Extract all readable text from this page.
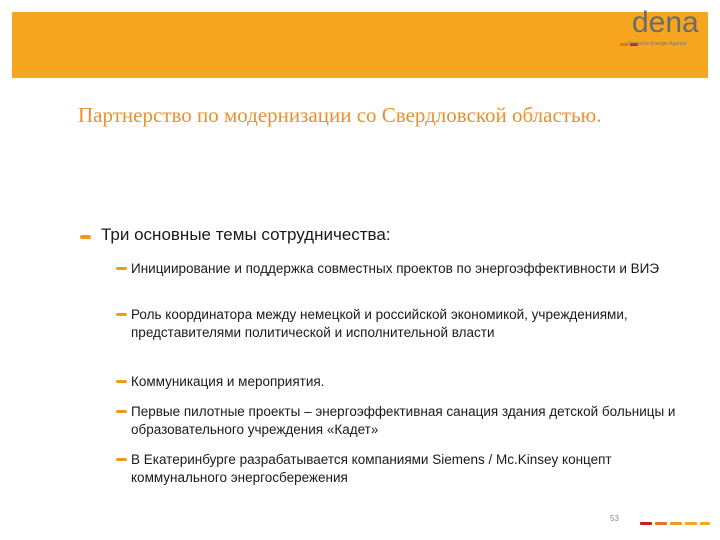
dena
Deutsche Energie-Agentur
Партнерство по модернизации со Свердловской областью.
Три основные темы сотрудничества:
Инициирование и поддержка совместных проектов по энергоэффективности и ВИЭ
Роль координатора между немецкой и российской экономикой, учреждениями, представителями политической и исполнительной власти
Коммуникация и мероприятия.
Первые пилотные проекты – энергоэффективная санация здания детской больницы и образовательного учреждения «Кадет»
В Екатеринбурге разрабатывается компаниями Siemens / Mc.Kinsey концепт коммунального энергосбережения
53
